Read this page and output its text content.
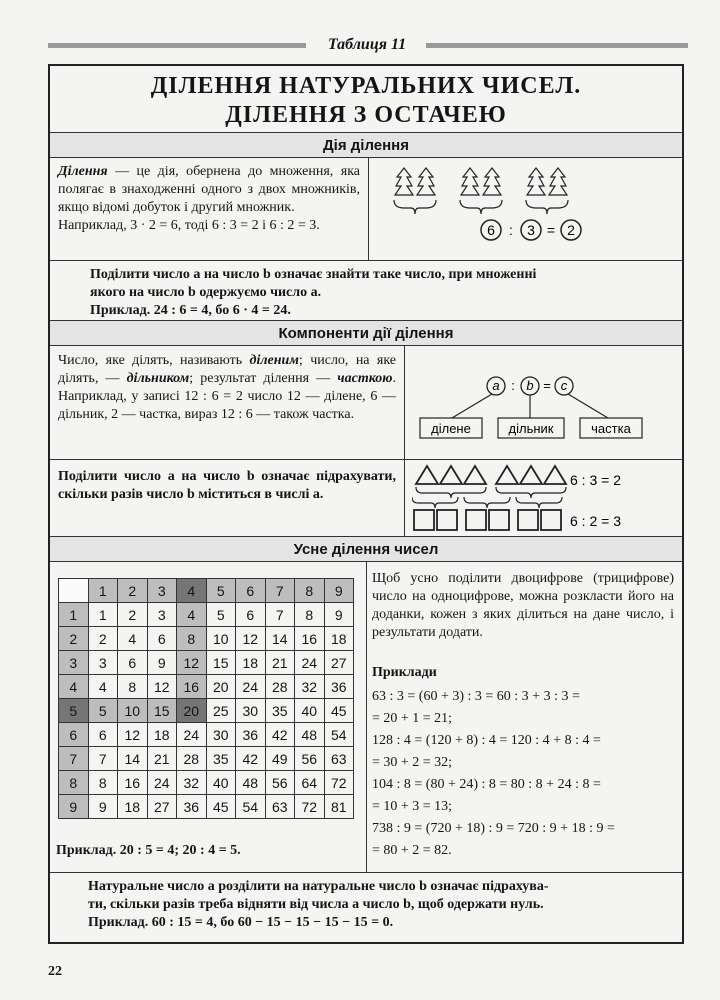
Таблиця 11
ДІЛЕННЯ НАТУРАЛЬНИХ ЧИСЕЛ.
ДІЛЕННЯ З ОСТАЧЕЮ
Дія ділення
Ділення — це дія, обернена до множення, яка полягає в знаходженні одного з двох множників, якщо відомі добуток і другий множник.
Наприклад, 3 · 2 = 6, тоді 6 : 3 = 2 і 6 : 2 = 3.	6 : 3 = 2
Поділити число a на число b означає знайти таке число, при множенні
якого на число b одержуємо число a.
Приклад. 24 : 6 = 4, бо 6 · 4 = 24.
Компоненти дії ділення
Число, яке ділять, називають діленим; число, на яке ділять, — дільником; результат ділення — часткою. Наприклад, у записі 12 : 6 = 2 число 12 — ділене, 6 — дільник, 2 — частка, вираз 12 : 6 — також частка.
a : b = c
ділене	дільник	частка
Поділити число a на число b означає підрахувати, скільки разів число b міститься в числі a.
6 : 3 = 2
6 : 2 = 3
Усне ділення чисел
	1	2	3	4	5	6	7	8	9
1	1	2	3	4	5	6	7	8	9
2	2	4	6	8	10	12	14	16	18
3	3	6	9	12	15	18	21	24	27
4	4	8	12	16	20	24	28	32	36
5	5	10	15	20	25	30	35	40	45
6	6	12	18	24	30	36	42	48	54
7	7	14	21	28	35	42	49	56	63
8	8	16	24	32	40	48	56	64	72
9	9	18	27	36	45	54	63	72	81
Приклад. 20 : 5 = 4; 20 : 4 = 5.
Щоб усно поділити двоцифрове (трицифрове) число на одноцифрове, можна розкласти його на доданки, кожен з яких ділиться на дане число, і результати додати.
Приклади
63 : 3 = (60 + 3) : 3 = 60 : 3 + 3 : 3 =
= 20 + 1 = 21;
128 : 4 = (120 + 8) : 4 = 120 : 4 + 8 : 4 =
= 30 + 2 = 32;
104 : 8 = (80 + 24) : 8 = 80 : 8 + 24 : 8 =
= 10 + 3 = 13;
738 : 9 = (720 + 18) : 9 = 720 : 9 + 18 : 9 =
= 80 + 2 = 82.
Натуральне число a розділити на натуральне число b означає підрахува-
ти, скільки разів треба відняти від числа a число b, щоб одержати нуль.
Приклад. 60 : 15 = 4, бо 60 − 15 − 15 − 15 − 15 = 0.
22
